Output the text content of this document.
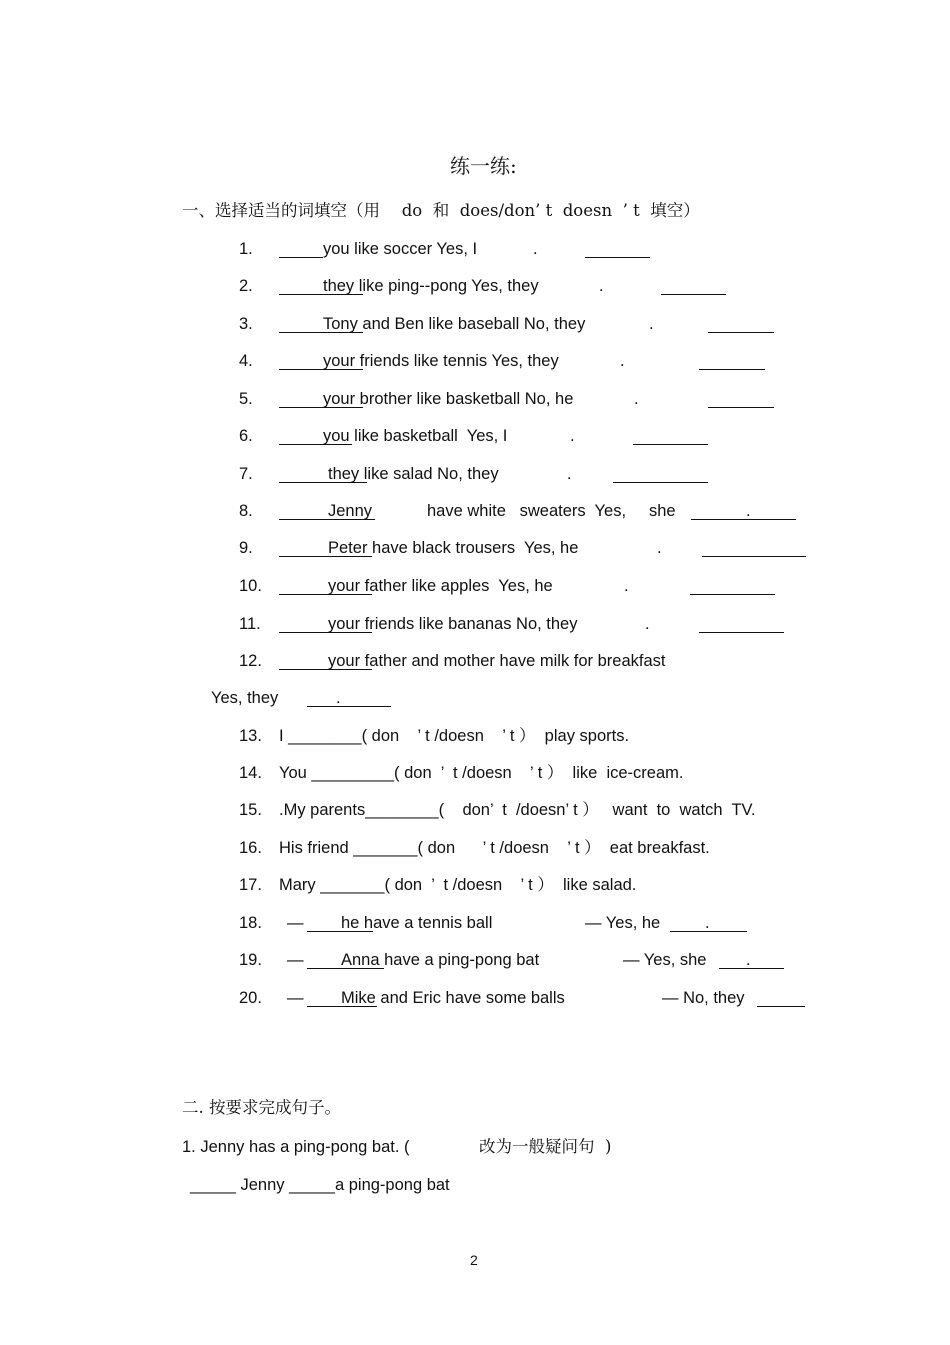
练一练:
一、选择适当的词填空（用　 do  和  does/don’ t  doesn  ’ t  填空）
1.	you like soccer Yes, I	.
2.	they like ping--pong Yes, they	.
3.	Tony and Ben like baseball No, they	.
4.	your friends like tennis Yes, they	.
5.	your brother like basketball No, he	.
6.	you like basketball  Yes, I	.
7.	they like salad No, they	.
8.	Jenny	have white   sweaters  Yes,     she	.
9.	Peter have black trousers  Yes, he	.
10.	your father like apples  Yes, he	.
11.	your friends like bananas No, they	.
12.	your father and mother have milk for breakfast
Yes, they	.
13. I ________( don    ’ t /doesn    ’ t ）  play sports.
14. You _________( don  ’  t /doesn    ’ t ）  like  ice-cream.
15. .My parents________(    don’  t  /doesn’ t ）   want  to  watch  TV.
16. His friend _______( don      ’ t /doesn    ’ t ）  eat breakfast.
17. Mary _______( don  ’  t /doesn    ’ t ）  like salad.
18. — he have a tennis ball	— Yes, he	.
19. — Anna have a ping-pong bat	— Yes, she .
20. — Mike and Eric have some balls	— No, they
二. 按要求完成句子。
1. Jenny has a ping-pong bat. (	改为一般疑问句  )
_____ Jenny _____a ping-pong bat
2
